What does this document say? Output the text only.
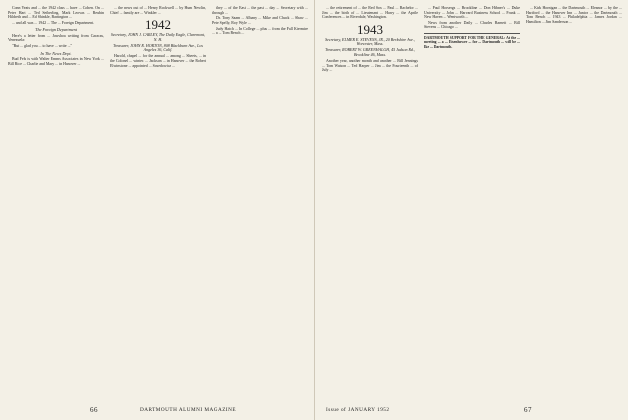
Conn Yeats and ... the 1942 class ... have ... Cohen. On ... Peter Hart ... Ted Seiberling, Mark Leovas ... Reubin Hildreth and ... Ed Shinkle, Bartington ...

... and all was ... 1942 ... The ... Foreign Department.

The Foreign Department

Here's a letter from ... Jawshoa writing from Caracas, Venezuela:

"But ... glad you ... to have ... write ..."

In The News Dept.

Bud Fels is with Walter Emms Associates in New York ... Bill Rice ... Charlie and Mary ... in Hanover ...

... the news out of ... Henry Rockwell ... by Hum Newlin, Chief ... family are ... Winkler ...

1942
Secretary, JOHN J. CARLEY, The Daily Eagle, Claremont, N. H.
Treasurer, JOHN R. HORTON, 808 Blackburn Ave., Los Angeles 36, Calif.

Harold, chapel ... for the annual ... among ... Sheets, ... in the Colonel ... winter. ... Jackson ... in Hanover ... the Robert Elwinstone ... appointed ... Sosedowicz ...

they ... of the East ... the past ... day ... Secretary with ... through ...

Dr. Tony Saam ... Albany ... Mike and Chuck ... Shaw ... Pete Spelly, Roy Wyle ...

Judy Hatch ... In College ... plus ... from the Fall Kiermire ... a ... Tom Bench ...

66	DARTMOUTH ALUMNI MAGAZINE

... the retirement of ... the Red Sox ... Paul ... Bachelor ... Jim ... the birth of ... Lieutenant ... Harry ... the Aprile Conferences ... in Riverdale, Washington.

1943
Secretary, ELMER E. STEVENS, JR., 20 Berkshire Ave., Worcester, Mass.
Treasurer, ROBERT W. GREENHALGH, 45 Judson Rd., Brookline 46, Mass.

Another year, another month and another ... Bill Jennings ... Tom Watson ... Ted Harper ... Jim ... the Fourteenth ... of July ...

... Paul Horsergs ... Brookline ... Don Hibner's ... Duke University ... John ... Harvard Business School ... Frank ... New Haven ... Wentworth ...

News from another Daily ... Charles Barnett ... Bill Stevens ... Chicago ...

DARTMOUTH SUPPORT FOR THE GENERAL: At the ... meeting ... a ... Eisenhower ... for ... Dartmouth ... will be ... Ike ... Dartmouth.

... Kirk Hornigan ... the Dartmouth ... Eleanor ... by the ... Hartford ... the Hanover Inn ... Junior ... the Dartmouth ... Tom Bench ... 1943 ... Philadelphia ... James Jordan ... Hamilton ... Jim Sanderson ...

Issue of JANUARY 1952	67
